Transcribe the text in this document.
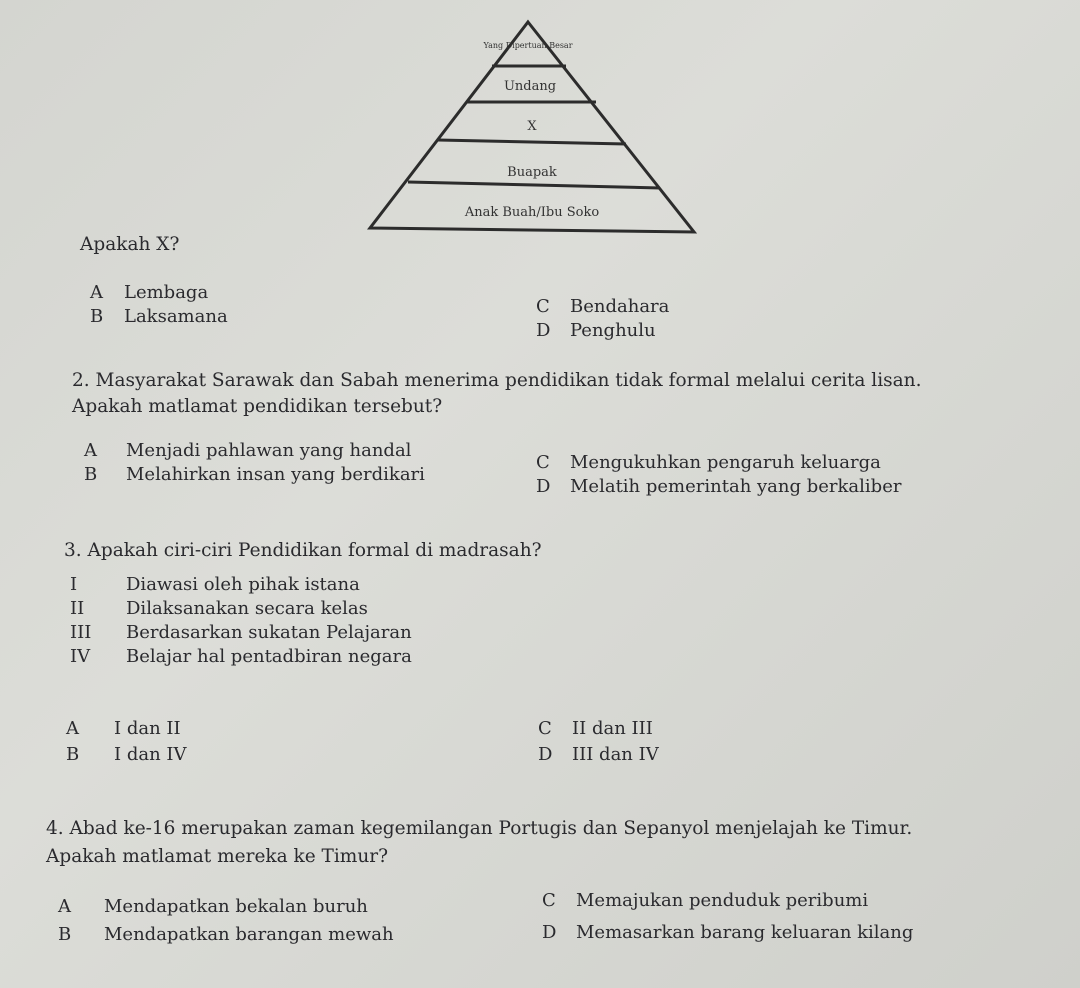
Yang Dipertuan Besar
Undang
X
Buapak
Anak Buah/Ibu Soko
Apakah X?
A Lembaga
B Laksamana	C Bendahara
D Penghulu
2. Masyarakat Sarawak dan Sabah menerima pendidikan tidak formal melalui cerita lisan.
Apakah matlamat pendidikan tersebut?
A Menjadi pahlawan yang handal
B Melahirkan insan yang berdikari
C Mengukuhkan pengaruh keluarga
D Melatih pemerintah yang berkaliber
3. Apakah ciri-ciri Pendidikan formal di madrasah?
I	Diawasi oleh pihak istana
II Dilaksanakan secara kelas
III Berdasarkan sukatan Pelajaran
IV Belajar hal pentadbiran negara
A I dan II
B I dan IV
C II dan III
D III dan IV
4. Abad ke-16 merupakan zaman kegemilangan Portugis dan Sepanyol menjelajah ke Timur.
Apakah matlamat mereka ke Timur?
A Mendapatkan bekalan buruh
B Mendapatkan barangan mewah
C Memajukan penduduk peribumi
D Memasarkan barang keluaran kilang
